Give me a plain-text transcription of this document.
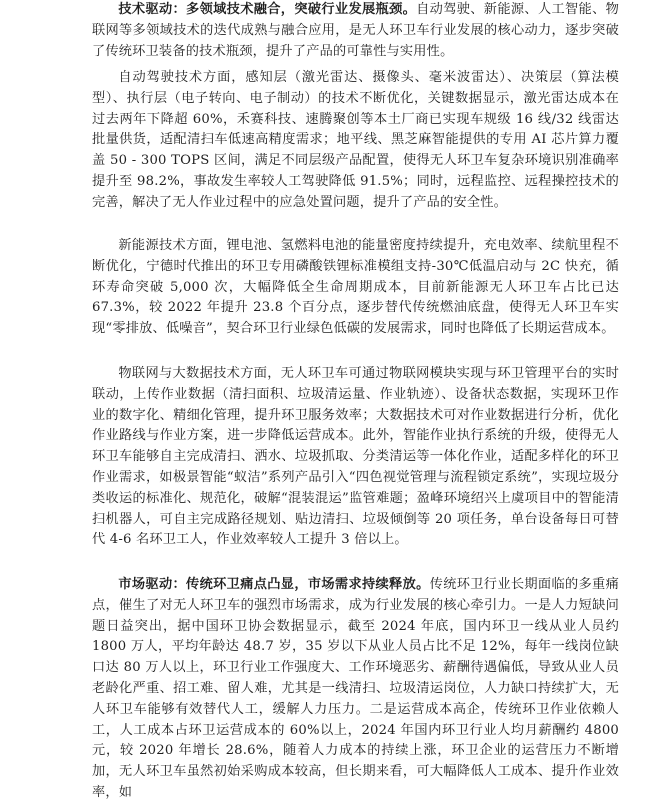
技术驱动：多领域技术融合，突破行业发展瓶颈。自动驾驶、新能源、人工智能、物联网等多领域技术的迭代成熟与融合应用，是无人环卫车行业发展的核心动力，逐步突破了传统环卫装备的技术瓶颈，提升了产品的可靠性与实用性。

自动驾驶技术方面，感知层（激光雷达、摄像头、毫米波雷达）、决策层（算法模型）、执行层（电子转向、电子制动）的技术不断优化，关键数据显示，激光雷达成本在过去两年下降超 60%，禾赛科技、速腾聚创等本土厂商已实现车规级 16 线/32 线雷达批量供货，适配清扫车低速高精度需求；地平线、黑芝麻智能提供的专用 AI 芯片算力覆盖 50 - 300 TOPS 区间，满足不同层级产品配置，使得无人环卫车复杂环境识别准确率提升至 98.2%，事故发生率较人工驾驶降低 91.5%；同时，远程监控、远程操控技术的完善，解决了无人作业过程中的应急处置问题，提升了产品的安全性。

新能源技术方面，锂电池、氢燃料电池的能量密度持续提升，充电效率、续航里程不断优化，宁德时代推出的环卫专用磷酸铁锂标准模组支持-30℃低温启动与 2C 快充，循环寿命突破 5,000 次，大幅降低全生命周期成本，目前新能源无人环卫车占比已达 67.3%，较 2022 年提升 23.8 个百分点，逐步替代传统燃油底盘，使得无人环卫车实现“零排放、低噪音”，契合环卫行业绿色低碳的发展需求，同时也降低了长期运营成本。

物联网与大数据技术方面，无人环卫车可通过物联网模块实现与环卫管理平台的实时联动，上传作业数据（清扫面积、垃圾清运量、作业轨迹）、设备状态数据，实现环卫作业的数字化、精细化管理，提升环卫服务效率；大数据技术可对作业数据进行分析，优化作业路线与作业方案，进一步降低运营成本。此外，智能作业执行系统的升级，使得无人环卫车能够自主完成清扫、洒水、垃圾抓取、分类清运等一体化作业，适配多样化的环卫作业需求，如极景智能“蚁洁”系列产品引入“四色视觉管理与流程锁定系统”，实现垃圾分类收运的标准化、规范化，破解“混装混运”监管难题；盈峰环境绍兴上虞项目中的智能清扫机器人，可自主完成路径规划、贴边清扫、垃圾倾倒等 20 项任务，单台设备每日可替代 4-6 名环卫工人，作业效率较人工提升 3 倍以上。

市场驱动：传统环卫痛点凸显，市场需求持续释放。传统环卫行业长期面临的多重痛点，催生了对无人环卫车的强烈市场需求，成为行业发展的核心牵引力。一是人力短缺问题日益突出，据中国环卫协会数据显示，截至 2024 年底，国内环卫一线从业人员约 1800 万人，平均年龄达 48.7 岁，35 岁以下从业人员占比不足 12%，每年一线岗位缺口达 80 万人以上，环卫行业工作强度大、工作环境恶劣、薪酬待遇偏低，导致从业人员老龄化严重、招工难、留人难，尤其是一线清扫、垃圾清运岗位，人力缺口持续扩大，无人环卫车能够有效替代人工，缓解人力压力。二是运营成本高企，传统环卫作业依赖人工，人工成本占环卫运营成本的 60%以上，2024 年国内环卫行业人均月薪酬约 4800 元，较 2020 年增长 28.6%，随着人力成本的持续上涨，环卫企业的运营压力不断增加，无人环卫车虽然初始采购成本较高，但长期来看，可大幅降低人工成本、提升作业效率，如
